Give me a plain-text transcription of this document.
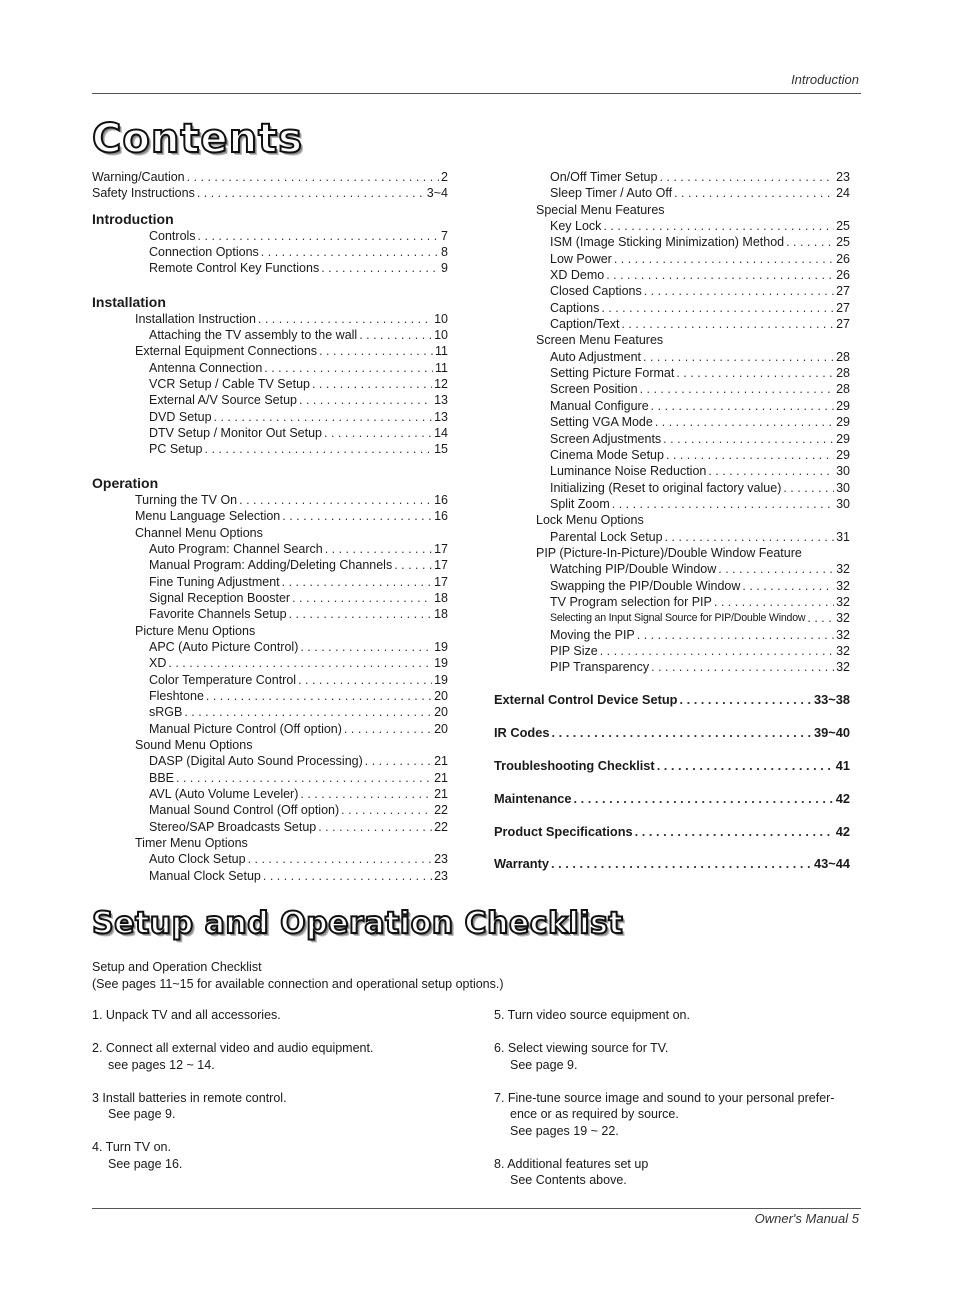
Introduction
Contents
Warning/Caution . . .	2
Safety Instructions . . .	3~4
Introduction
Controls . . .	7
Connection Options . . .	8
Remote Control Key Functions . . .	9
Installation
Installation Instruction . . .	10
Attaching the TV assembly to the wall . . .	10
External Equipment Connections . . .	11
Antenna Connection . . .	11
VCR Setup / Cable TV Setup . . .	12
External A/V Source Setup . . .	13
DVD Setup . . .	13
DTV Setup / Monitor Out Setup . . .	14
PC Setup . . .	15
Operation
Turning the TV On . . .	16
Menu Language Selection . . .	16
Channel Menu Options
Auto Program: Channel Search . . .	17
Manual Program: Adding/Deleting Channels . . .	17
Fine Tuning Adjustment . . .	17
Signal Reception Booster . . .	18
Favorite Channels Setup . . .	18
Picture Menu Options
APC (Auto Picture Control) . . .	19
XD . . .	19
Color Temperature Control . . .	19
Fleshtone . . .	20
sRGB . . .	20
Manual Picture Control (Off option) . . .	20
Sound Menu Options
DASP (Digital Auto Sound Processing) . . .	21
BBE . . .	21
AVL (Auto Volume Leveler) . . .	21
Manual Sound Control (Off option) . . .	22
Stereo/SAP Broadcasts Setup . . .	22
Timer Menu Options
Auto Clock Setup . . .	23
Manual Clock Setup . . .	23
On/Off Timer Setup . . .	23
Sleep Timer / Auto Off . . .	24
Special Menu Features
Key Lock . . .	25
ISM (Image Sticking Minimization) Method . . .	25
Low Power . . .	26
XD Demo . . .	26
Closed Captions . . .	27
Captions . . .	27
Caption/Text . . .	27
Screen Menu Features
Auto Adjustment . . .	28
Setting Picture Format . . .	28
Screen Position . . .	28
Manual Configure . . .	29
Setting VGA Mode . . .	29
Screen Adjustments . . .	29
Cinema Mode Setup . . .	29
Luminance Noise Reduction . . .	30
Initializing (Reset to original factory value) . . .	30
Split Zoom . . .	30
Lock Menu Options
Parental Lock Setup . . .	31
PIP (Picture-In-Picture)/Double Window Feature
Watching PIP/Double Window . . .	32
Swapping the PIP/Double Window . . .	32
TV Program selection for PIP . . .	32
Selecting an Input Signal Source for PIP/Double Window . . . 32
Moving the PIP . . .	32
PIP Size . . .	32
PIP Transparency . . .	32
External Control Device Setup . . .	33~38
IR Codes . . .	39~40
Troubleshooting Checklist . . .	41
Maintenance . . .	42
Product Specifications . . .	42
Warranty . . .	43~44
Setup and Operation Checklist
Setup and Operation Checklist
(See pages 11~15 for available connection and operational setup options.)
1. Unpack TV and all accessories.
2. Connect all external video and audio equipment.
see pages 12 ~ 14.
3 Install batteries in remote control.
See page 9.
4. Turn TV on.
See page 16.
5. Turn video source equipment on.
6. Select viewing source for TV.
See page 9.
7. Fine-tune source image and sound to your personal prefer-
ence or as required by source.
See pages 19 ~ 22.
8. Additional features set up
See Contents above.
Owner's Manual 5
